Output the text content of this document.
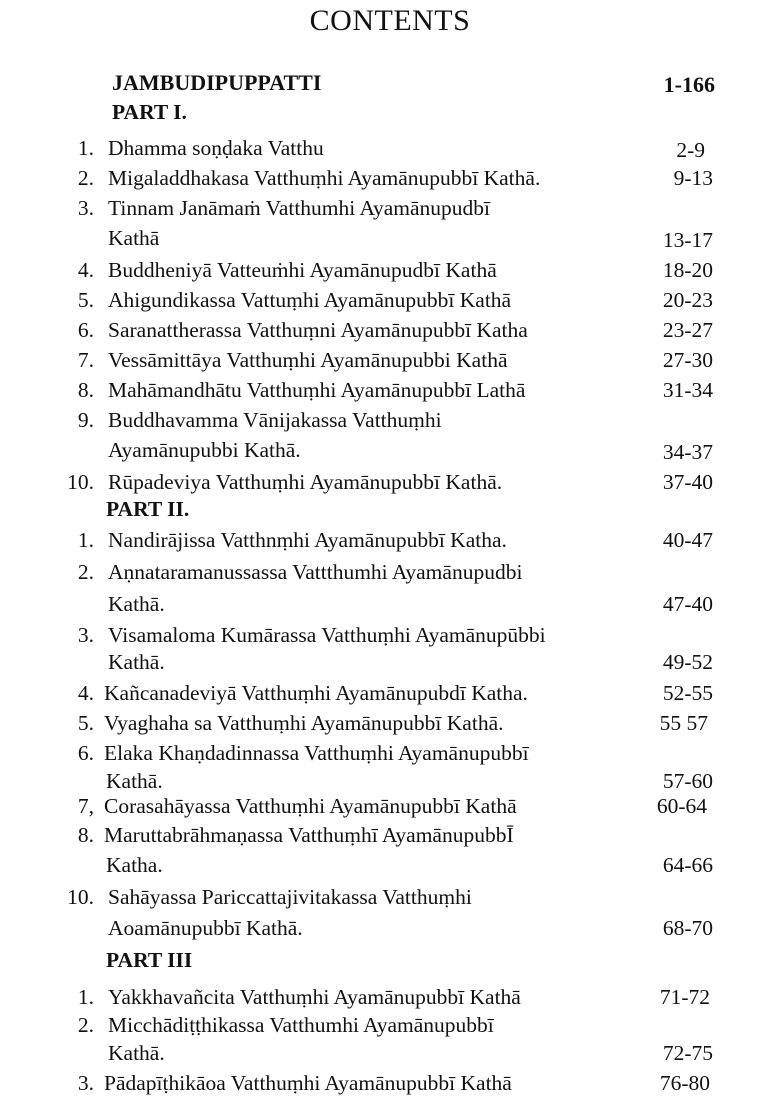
CONTENTS
JAMBUDIPUPPATTI	1-166
PART I.
1. Dhamma soṇḍaka Vatthu	2-9
2. Migaladdhakasa Vatthuṃhi Ayamānupubbī Kathā.	9-13
3. Tinnam Janāmaṁ Vatthumhi Ayamānupudbī
Kathā	13-17
4. Buddheniyā Vatteuṁhi Ayamānupudbī Kathā	18-20
5. Ahigundikassa Vattuṃhi Ayamānupubbī Kathā	20-23
6. Saranattherassa Vatthuṃni Ayamānupubbī Katha	23-27
7. Vessāmittāya Vatthuṃhi Ayamānupubbi Kathā	27-30
8. Mahāmandhātu Vatthuṃhi Ayamānupubbī Lathā	31-34
9. Buddhavamma Vānijakassa Vatthuṃhi
Ayamānupubbi Kathā.	34-37
10. Rūpadeviya Vatthuṃhi Ayamānupubbī Kathā.	37-40
PART II.
1. Nandirājissa Vatthnṃhi Ayamānupubbī Katha.	40-47
2. Aṇnataramanussassa Vattthumhi Ayamānupudbi
Kathā.	47-40
3. Visamaloma Kumārassa Vatthuṃhi Ayamānupūbbi
Kathā.	49-52
4. Kañcanadeviyā Vatthuṃhi Ayamānupubdī Katha.	52-55
5. Vyaghaha sa Vatthuṃhi Ayamānupubbī Kathā.	55 57
6. Elaka Khaṇdadinnassa Vatthuṃhi Ayamānupubbī
Kathā.	57-60
7, Corasahāyassa Vatthuṃhi Ayamānupubbī Kathā	60-64
8. Maruttabrāhmaṇassa Vatthuṃhī AyamānupubbĪ
Katha.	64-66
10. Sahāyassa Pariccattajivitakassa Vatthuṃhi
Aoamānupubbī Kathā.	68-70
PART III
1. Yakkhavañcita Vatthuṃhi Ayamānupubbī Kathā	71-72
2. Micchādiṭṭhikassa Vatthumhi Ayamānupubbī
Kathā.	72-75
3. Pādapīṭhikāoa Vatthuṃhi Ayamānupubbī Kathā	76-80
